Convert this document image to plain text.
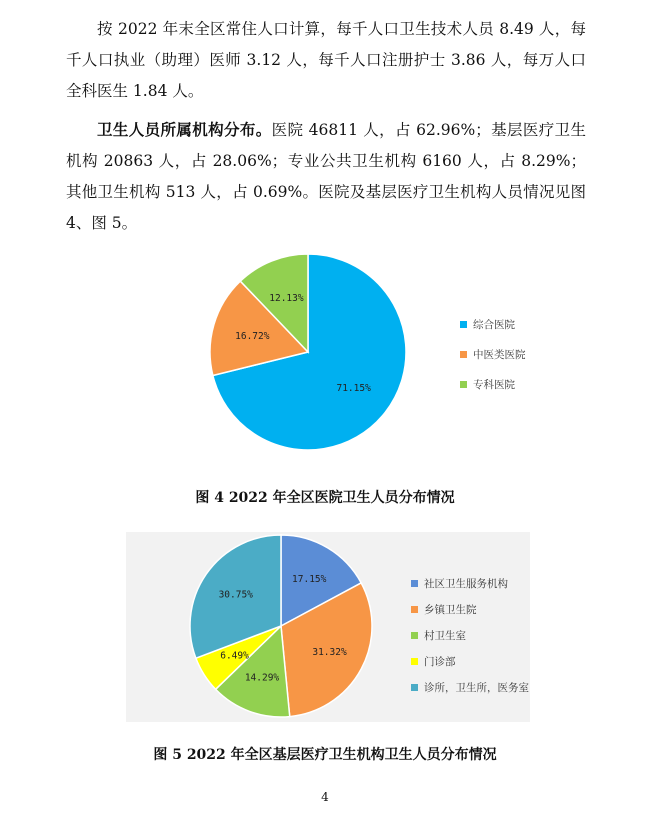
按 2022 年末全区常住人口计算，每千人口卫生技术人员 8.49 人，每千人口执业（助理）医师 3.12 人，每千人口注册护士 3.86 人，每万人口全科医生 1.84 人。

卫生人员所属机构分布。医院 46811 人，占 62.96%；基层医疗卫生机构 20863 人，占 28.06%；专业公共卫生机构 6160 人，占 8.29%；其他卫生机构 513 人，占 0.69%。医院及基层医疗卫生机构人员情况见图 4、图 5。

71.15%
16.72%
12.13%
综合医院
中医类医院
专科医院
图 4 2022 年全区医院卫生人员分布情况
17.15%
31.32%
14.29%
6.49%
30.75%
社区卫生服务机构
乡镇卫生院
村卫生室
门诊部
诊所，卫生所，医务室
图 5 2022 年全区基层医疗卫生机构卫生人员分布情况
4
